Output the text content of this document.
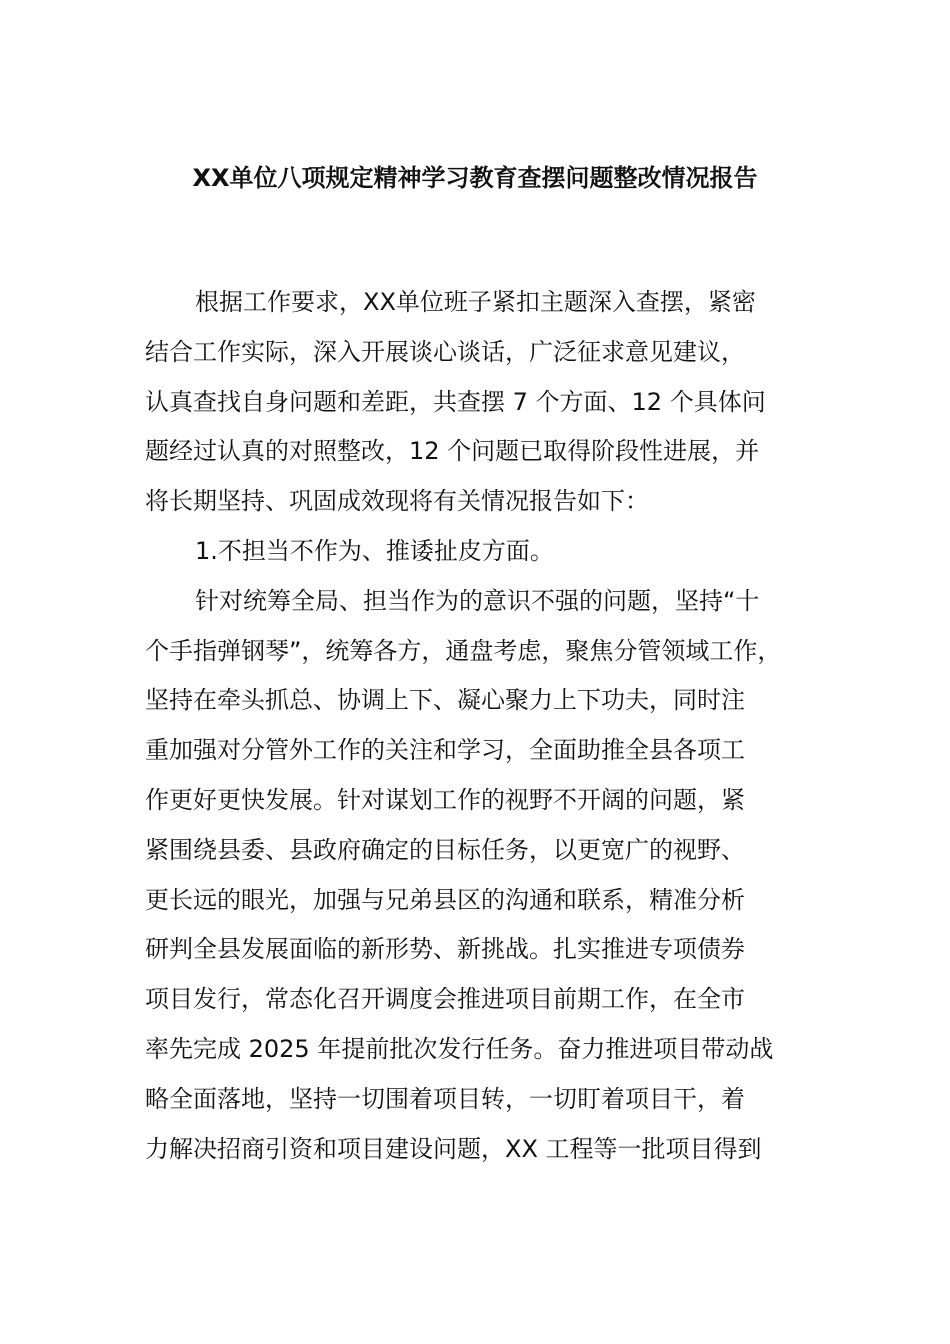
XX单位八项规定精神学习教育查摆问题整改情况报告
根据工作要求，XX单位班子紧扣主题深入查摆，紧密
结合工作实际，深入开展谈心谈话，广泛征求意见建议，
认真查找自身问题和差距，共查摆 7 个方面、12 个具体问
题经过认真的对照整改，12 个问题已取得阶段性进展，并
将长期坚持、巩固成效现将有关情况报告如下：
1.不担当不作为、推诿扯皮方面。
针对统筹全局、担当作为的意识不强的问题，坚持“十
个手指弹钢琴”，统筹各方，通盘考虑，聚焦分管领域工作，
坚持在牵头抓总、协调上下、凝心聚力上下功夫，同时注
重加强对分管外工作的关注和学习，全面助推全县各项工
作更好更快发展。针对谋划工作的视野不开阔的问题，紧
紧围绕县委、县政府确定的目标任务，以更宽广的视野、
更长远的眼光，加强与兄弟县区的沟通和联系，精准分析
研判全县发展面临的新形势、新挑战。扎实推进专项债券
项目发行，常态化召开调度会推进项目前期工作，在全市
率先完成 2025 年提前批次发行任务。奋力推进项目带动战
略全面落地，坚持一切围着项目转，一切盯着项目干，着
力解决招商引资和项目建设问题，XX 工程等一批项目得到
